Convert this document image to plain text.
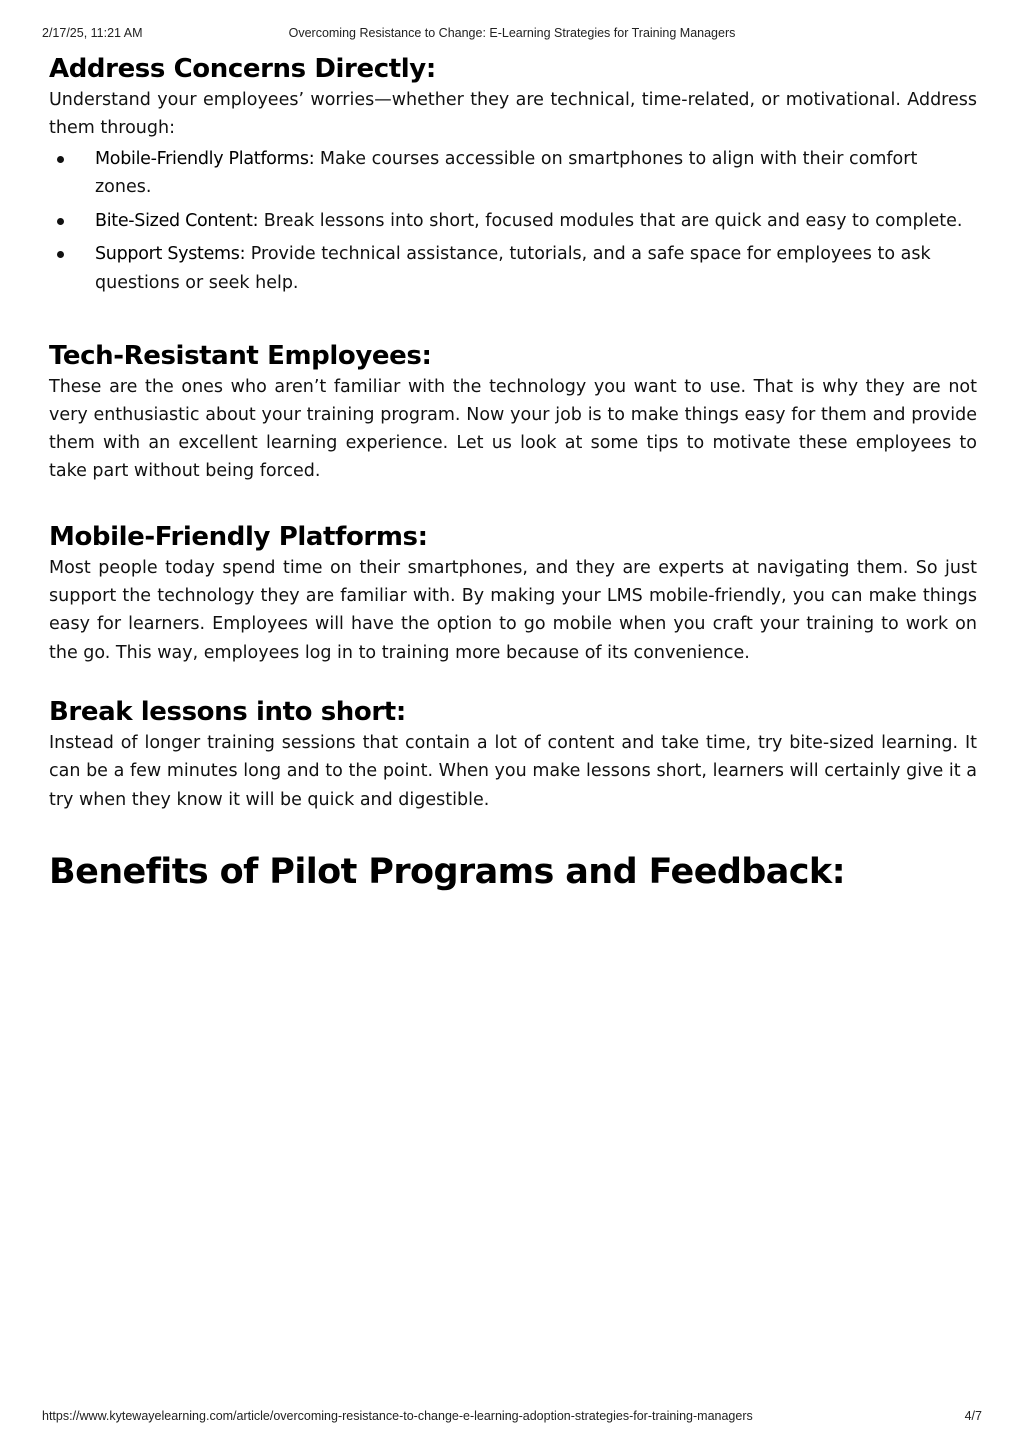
2/17/25, 11:21 AM	Overcoming Resistance to Change: E-Learning Strategies for Training Managers
Address Concerns Directly:

Understand your employees’ worries—whether they are technical, time-related, or motivational. Address them through:

Mobile-Friendly Platforms: Make courses accessible on smartphones to align with their comfort zones.
Bite-Sized Content: Break lessons into short, focused modules that are quick and easy to complete.
Support Systems: Provide technical assistance, tutorials, and a safe space for employees to ask questions or seek help.
Tech-Resistant Employees:

These are the ones who aren’t familiar with the technology you want to use. That is why they are not very enthusiastic about your training program. Now your job is to make things easy for them and provide them with an excellent learning experience. Let us look at some tips to motivate these employees to take part without being forced.

Mobile-Friendly Platforms:

Most people today spend time on their smartphones, and they are experts at navigating them. So just support the technology they are familiar with. By making your LMS mobile-friendly, you can make things easy for learners. Employees will have the option to go mobile when you craft your training to work on the go. This way, employees log in to training more because of its convenience.

Break lessons into short:

Instead of longer training sessions that contain a lot of content and take time, try bite-sized learning. It can be a few minutes long and to the point. When you make lessons short, learners will certainly give it a try when they know it will be quick and digestible.

Benefits of Pilot Programs and Feedback:
https://www.kytewayelearning.com/article/overcoming-resistance-to-change-e-learning-adoption-strategies-for-training-managers	4/7
